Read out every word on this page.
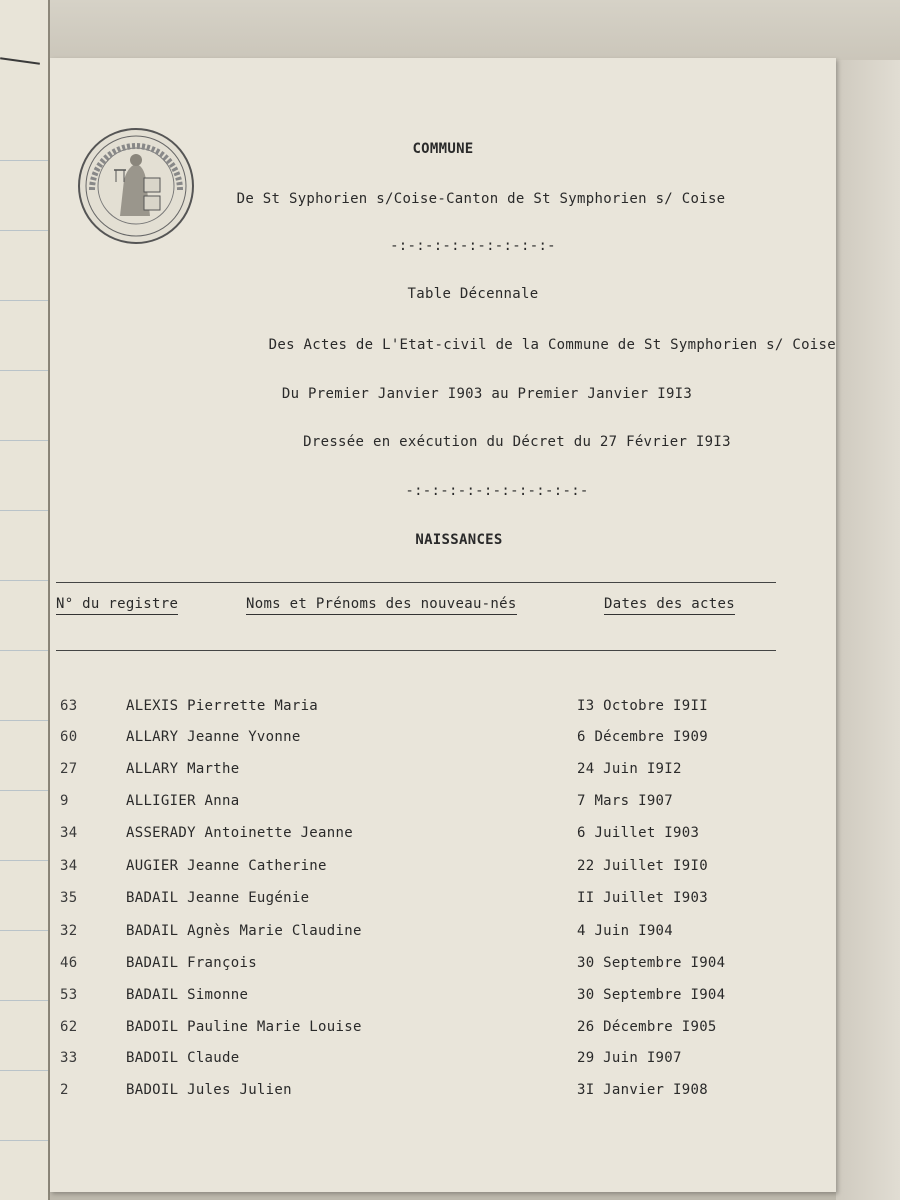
COMMUNE
De St Syphorien s/Coise-Canton de St Symphorien s/ Coise
-:-:-:-:-:-:-:-:-:-
Table Décennale
Des Actes de L'Etat-civil de la Commune de St Symphorien s/ Coise
Du Premier Janvier I903 au Premier Janvier I9I3
Dressée en exécution du Décret du 27 Février I9I3
-:-:-:-:-:-:-:-:-:-:-
NAISSANCES
N° du registre	Noms et Prénoms des nouveau-nés	Dates des actes
63	ALEXIS Pierrette Maria	I3 Octobre I9II
60	ALLARY Jeanne Yvonne	6 Décembre I909
27	ALLARY Marthe	24 Juin I9I2
9	ALLIGIER Anna	7 Mars I907
34	ASSERADY Antoinette Jeanne	6 Juillet I903
34	AUGIER Jeanne Catherine	22 Juillet I9I0
35	BADAIL Jeanne Eugénie	II Juillet I903
32	BADAIL Agnès Marie Claudine	4 Juin I904
46	BADAIL François	30 Septembre I904
53	BADAIL Simonne	30 Septembre I904
62	BADOIL Pauline Marie Louise	26 Décembre I905
33	BADOIL Claude	29 Juin I907
2	BADOIL Jules Julien	3I Janvier I908
